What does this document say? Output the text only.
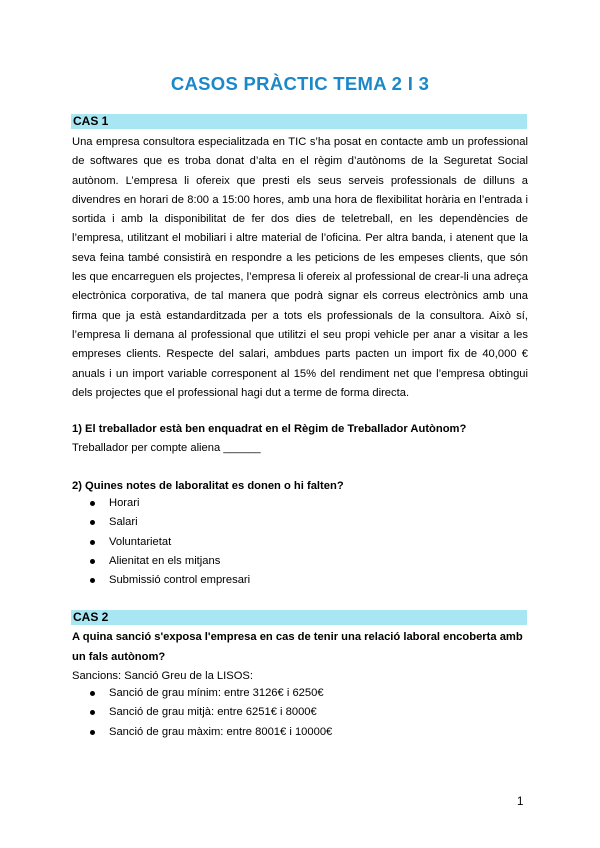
CASOS PRÀCTIC TEMA 2 I 3
CAS 1
Una empresa consultora especialitzada en TIC s’ha posat en contacte amb un professional de softwares que es troba donat d’alta en el règim d’autònoms de la Seguretat Social autònom. L’empresa li ofereix que presti els seus serveis professionals de dilluns a divendres en horari de 8:00 a 15:00 hores, amb una hora de flexibilitat horària en l’entrada i sortida i amb la disponibilitat de fer dos dies de teletreball, en les dependències de l’empresa, utilitzant el mobiliari i altre material de l’oficina. Per altra banda, i atenent que la seva feina també consistirà en respondre a les peticions de les empeses clients, que són les que encarreguen els projectes, l’empresa li ofereix al professional de crear-li una adreça electrònica corporativa, de tal manera que podrà signar els correus electrònics amb una firma que ja està estandarditzada per a tots els professionals de la consultora. Això sí, l’empresa li demana al professional que utilitzi el seu propi vehicle per anar a visitar a les empreses clients. Respecte del salari, ambdues parts pacten un import fix de 40,000 € anuals i un import variable corresponent al 15% del rendiment net que l’empresa obtingui dels projectes que el professional hagi dut a terme de forma directa.
1) El treballador està ben enquadrat en el Règim de Treballador Autònom?
Treballador per compte aliena ______
2) Quines notes de laboralitat es donen o hi falten?
Horari
Salari
Voluntarietat
Alienitat en els mitjans
Submissió control empresari
CAS 2
A quina sanció s'exposa l'empresa en cas de tenir una relació laboral encoberta amb
un fals autònom?
Sancions: Sanció Greu de la LISOS:
Sanció de grau mínim: entre 3126€ i 6250€
Sanció de grau mitjà: entre 6251€ i 8000€
Sanció de grau màxim: entre 8001€ i 10000€
1
